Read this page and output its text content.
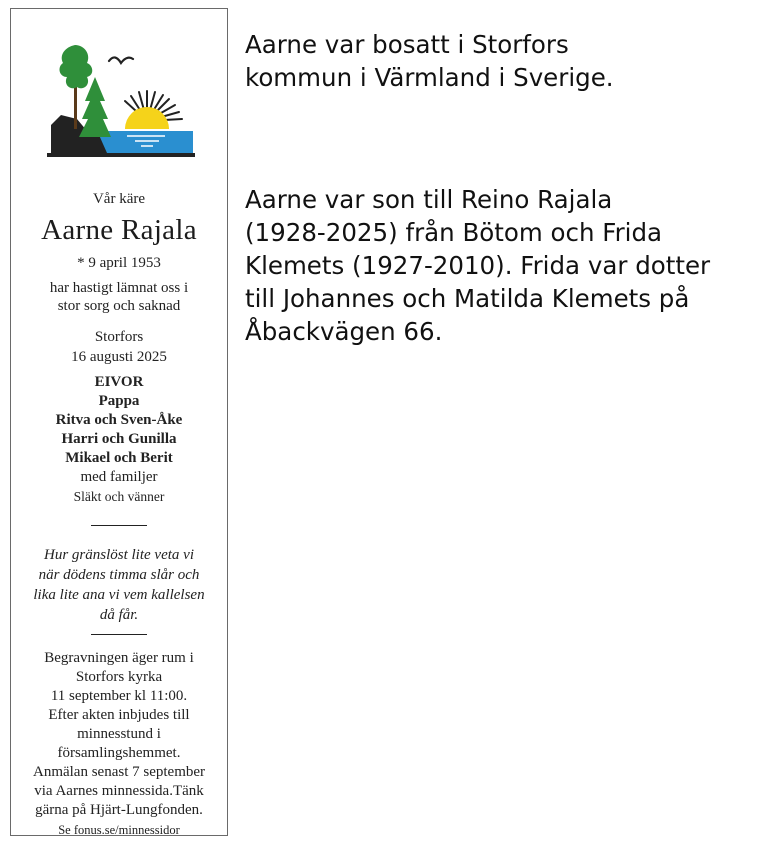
Vår käre
Aarne Rajala
* 9 april 1953
har hastigt lämnat oss i
stor sorg och saknad
Storfors
16 augusti 2025
EIVOR
Pappa
Ritva och Sven-Åke
Harri och Gunilla
Mikael och Berit
med familjer
Släkt och vänner
Hur gränslöst lite veta vi
när dödens timma slår och
lika lite ana vi vem kallelsen
då får.
Begravningen äger rum i
Storfors kyrka
11 september kl 11:00.
Efter akten inbjudes till
minnesstund i
församlingshemmet.
Anmälan senast 7 september
via Aarnes minnessida.Tänk
gärna på Hjärt-Lungfonden.
Se fonus.se/minnessidor

Aarne var bosatt i Storfors
kommun i Värmland i Sverige.

Aarne var son till Reino Rajala
(1928-2025) från Bötom och Frida
Klemets (1927-2010). Frida var dotter
till Johannes och Matilda Klemets på
Åbackvägen 66.
